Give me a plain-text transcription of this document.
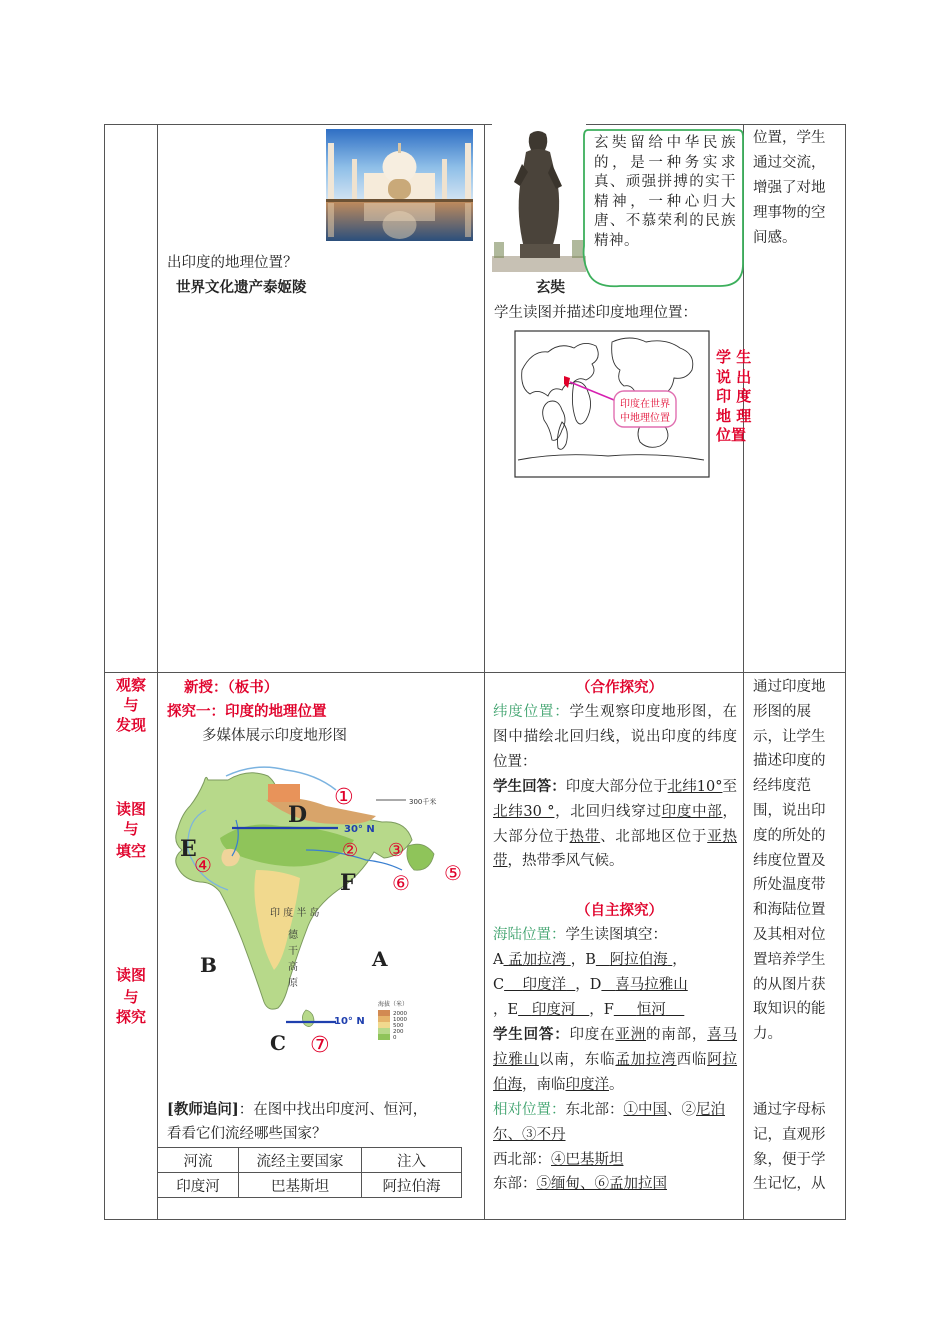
出印度的地理位置？
世界文化遗产泰姬陵
玄奘留给中华民族的，是一种务实求真、顽强拼搏的实干精神，一种心归大唐、不慕荣利的民族精神。
玄奘
学生读图并描述印度地理位置：
印度在世界
中地理位置
学 生
说 出
印 度
地 理
位置
位置，学生
通过交流，
增强了对地
理事物的空
间感。
观察
与
发现
读图
与
填空
读图
与
探究
新授：（板书）
探究一：印度的地理位置
多媒体展示印度地形图
300千米
30° N
10° N
印 度 半 岛
德
干
高
原
D
E
F
A
B
C
①
② ③
④	⑤
⑥
⑦
海拔（米）
2000
1000
500
200
0
[教师追问]：在图中找出印度河、恒河，
看看它们流经哪些国家？
河流	流经主要国家	注入
印度河	巴基斯坦	阿拉伯海
（合作探究）
纬度位置：学生观察印度地形图，在图中描绘北回归线，说出印度的纬度位置：
学生回答：印度大部分位于北纬10°至北纬30 °，北回归线穿过印度中部，大部分位于热带、北部地区位于亚热带，热带季风气候。
（自主探究）
海陆位置：学生读图填空：
A 孟加拉湾 ，B 阿拉伯海 ，
C 印度洋 ，D 喜马拉雅山
，E 印度河 ，F 恒河
学生回答：印度在亚洲的南部，喜马拉雅山以南，东临孟加拉湾西临阿拉伯海，南临印度洋。
相对位置：东北部：①中国、②尼泊尔、③不丹
西北部：④巴基斯坦
东部：⑤缅甸、⑥孟加拉国
通过印度地
形图的展
示，让学生
描述印度的
经纬度范
围，说出印
度的所处的
纬度位置及
所处温度带
和海陆位置
及其相对位
置培养学生
的从图片获
取知识的能
力。
通过字母标
记，直观形
象，便于学
生记忆，从
